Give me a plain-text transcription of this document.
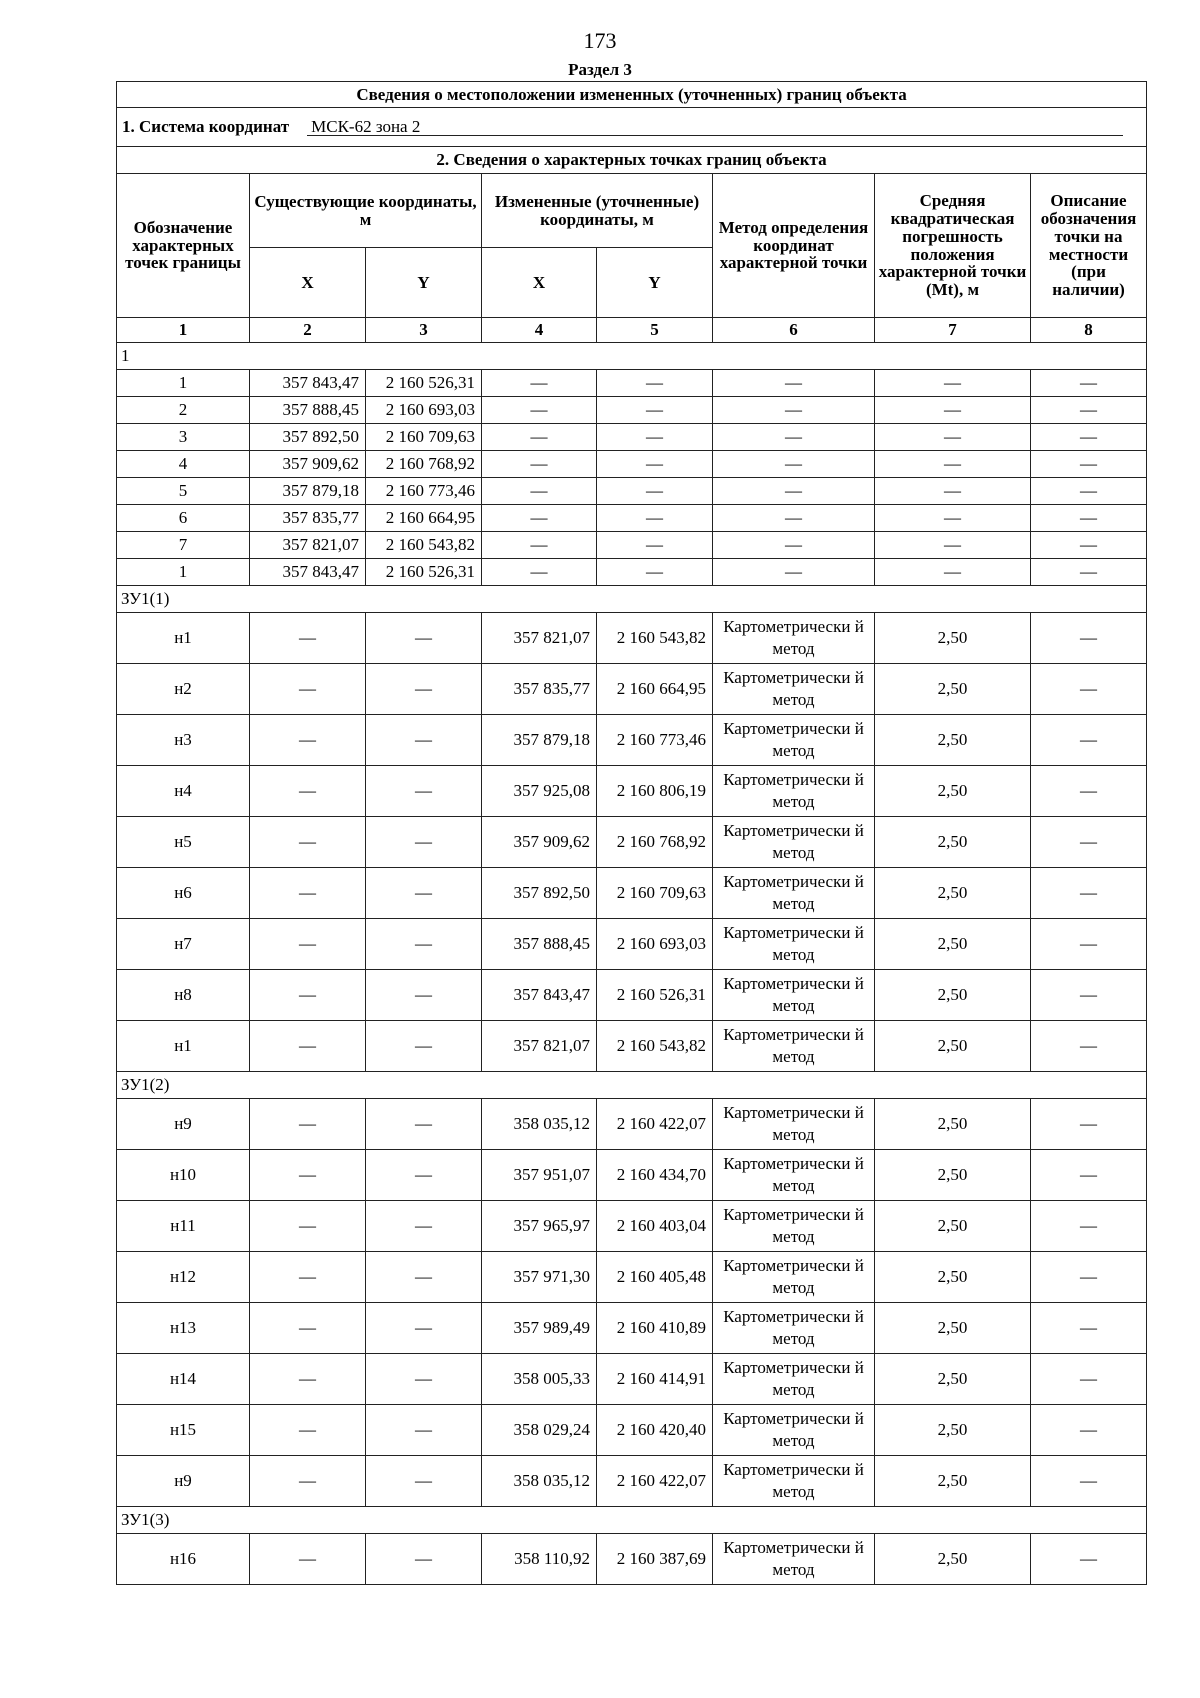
173
Раздел 3
Сведения о местоположении измененных (уточненных) границ объекта							
1. Система координат МСК-62 зона 2							
2. Сведения о характерных точках границ объекта							
Обозначение характерных точек границы	Существующие координаты, м		Измененные (уточненные) координаты, м		Метод определения координат характерной точки	Средняя квадратическая погрешность положения характерной точки (Mt), м	Описание обозначения точки на местности (при наличии)
	X	Y	X	Y			
1	2	3	4	5	6	7	8
1							
1	357 843,47	2 160 526,31	—	—	—	—	—
2	357 888,45	2 160 693,03	—	—	—	—	—
3	357 892,50	2 160 709,63	—	—	—	—	—
4	357 909,62	2 160 768,92	—	—	—	—	—
5	357 879,18	2 160 773,46	—	—	—	—	—
6	357 835,77	2 160 664,95	—	—	—	—	—
7	357 821,07	2 160 543,82	—	—	—	—	—
1	357 843,47	2 160 526,31	—	—	—	—	—
ЗУ1(1)							
н1	—	—	357 821,07	2 160 543,82	Картометрически й метод	2,50	—
н2	—	—	357 835,77	2 160 664,95	Картометрически й метод	2,50	—
н3	—	—	357 879,18	2 160 773,46	Картометрически й метод	2,50	—
н4	—	—	357 925,08	2 160 806,19	Картометрически й метод	2,50	—
н5	—	—	357 909,62	2 160 768,92	Картометрически й метод	2,50	—
н6	—	—	357 892,50	2 160 709,63	Картометрически й метод	2,50	—
н7	—	—	357 888,45	2 160 693,03	Картометрически й метод	2,50	—
н8	—	—	357 843,47	2 160 526,31	Картометрически й метод	2,50	—
н1	—	—	357 821,07	2 160 543,82	Картометрически й метод	2,50	—
ЗУ1(2)							
н9	—	—	358 035,12	2 160 422,07	Картометрически й метод	2,50	—
н10	—	—	357 951,07	2 160 434,70	Картометрически й метод	2,50	—
н11	—	—	357 965,97	2 160 403,04	Картометрически й метод	2,50	—
н12	—	—	357 971,30	2 160 405,48	Картометрически й метод	2,50	—
н13	—	—	357 989,49	2 160 410,89	Картометрически й метод	2,50	—
н14	—	—	358 005,33	2 160 414,91	Картометрически й метод	2,50	—
н15	—	—	358 029,24	2 160 420,40	Картометрически й метод	2,50	—
н9	—	—	358 035,12	2 160 422,07	Картометрически й метод	2,50	—
ЗУ1(3)							
н16	—	—	358 110,92	2 160 387,69	Картометрически й метод	2,50	—
